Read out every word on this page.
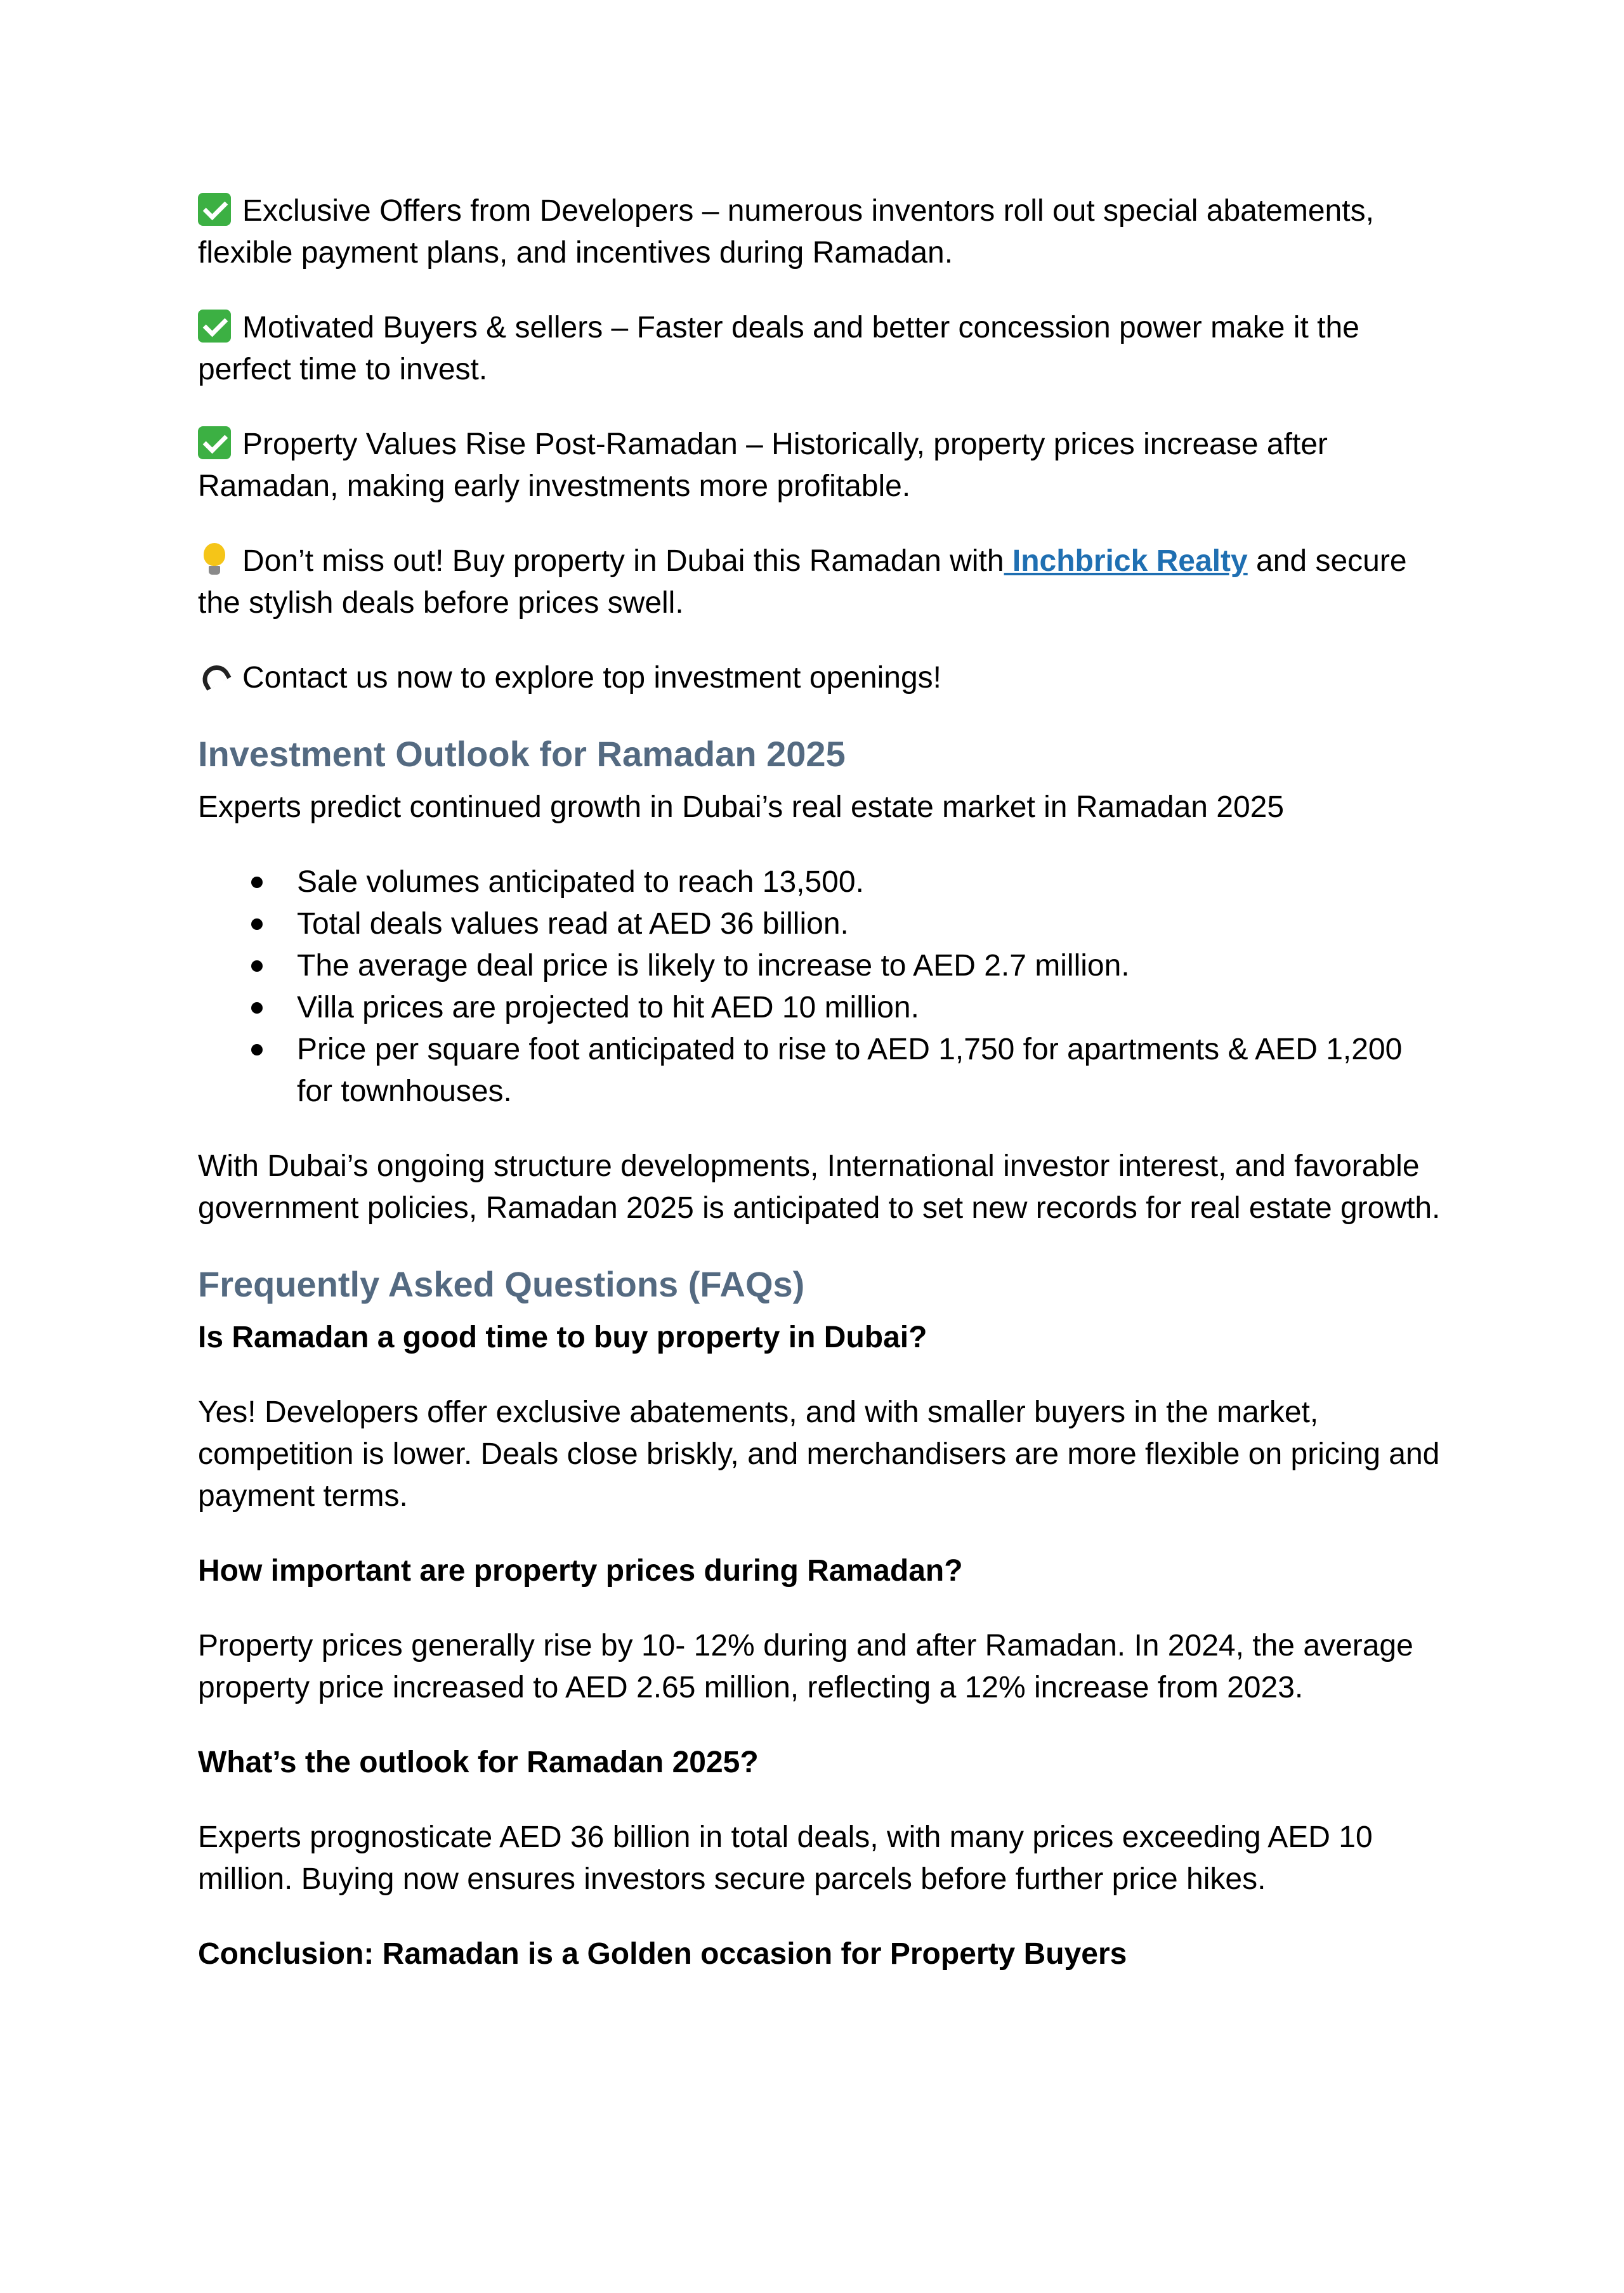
Exclusive Offers from Developers – numerous inventors roll out special abatements, flexible payment plans, and incentives during Ramadan.

Motivated Buyers & sellers – Faster deals and better concession power make it the perfect time to invest.

Property Values Rise Post-Ramadan – Historically, property prices increase after Ramadan, making early investments more profitable.

Don’t miss out! Buy property in Dubai this Ramadan with Inchbrick Realty and secure the stylish deals before prices swell.

Contact us now to explore top investment openings!

Investment Outlook for Ramadan 2025

Experts predict continued growth in Dubai’s real estate market in Ramadan 2025

Sale volumes anticipated to reach 13,500.
Total deals values read at AED 36 billion.
The average deal price is likely to increase to AED 2.7 million.
Villa prices are projected to hit AED 10 million.
Price per square foot anticipated to rise to AED 1,750 for apartments & AED 1,200 for townhouses.

With Dubai’s ongoing structure developments, International investor interest, and favorable government policies, Ramadan 2025 is anticipated to set new records for real estate growth.

Frequently Asked Questions (FAQs)

Is Ramadan a good time to buy property in Dubai?

Yes! Developers offer exclusive abatements, and with smaller buyers in the market, competition is lower. Deals close briskly, and merchandisers are more flexible on pricing and payment terms.

How important are property prices during Ramadan?

Property prices generally rise by 10- 12% during and after Ramadan. In 2024, the average property price increased to AED 2.65 million, reflecting a 12% increase from 2023.

What’s the outlook for Ramadan 2025?

Experts prognosticate AED 36 billion in total deals, with many prices exceeding AED 10 million. Buying now ensures investors secure parcels before further price hikes.

Conclusion: Ramadan is a Golden occasion for Property Buyers
